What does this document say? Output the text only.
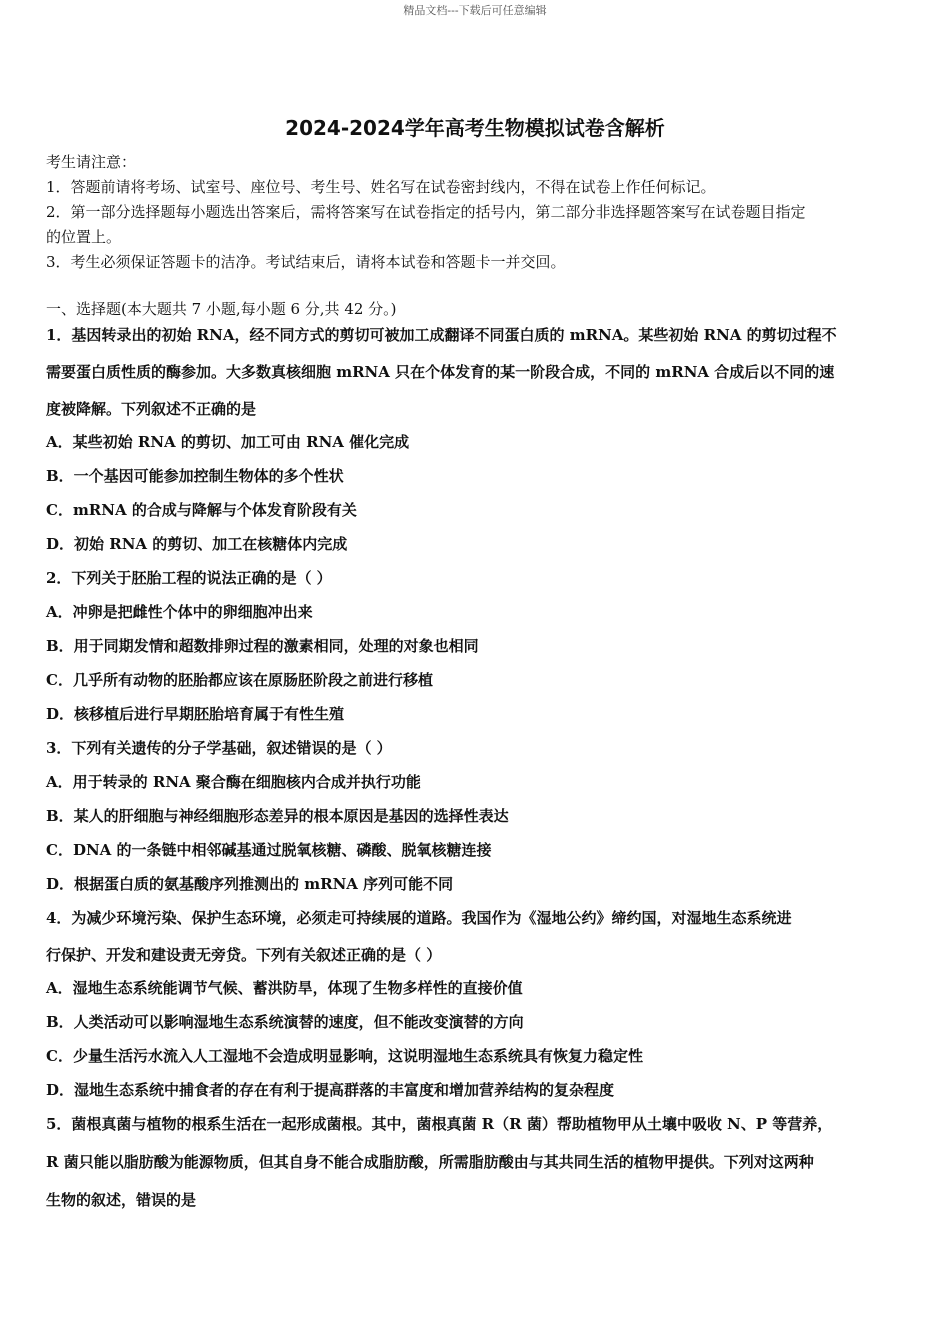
精品文档---下载后可任意编辑
2024-2024学年高考生物模拟试卷含解析
考生请注意：
1．答题前请将考场、试室号、座位号、考生号、姓名写在试卷密封线内，不得在试卷上作任何标记。
2．第一部分选择题每小题选出答案后，需将答案写在试卷指定的括号内，第二部分非选择题答案写在试卷题目指定
的位置上。
3．考生必须保证答题卡的洁净。考试结束后，请将本试卷和答题卡一并交回。
一、选择题(本大题共 7 小题,每小题 6 分,共 42 分。)
1．基因转录出的初始 RNA，经不同方式的剪切可被加工成翻译不同蛋白质的 mRNA。某些初始 RNA 的剪切过程不
需要蛋白质性质的酶参加。大多数真核细胞 mRNA 只在个体发育的某一阶段合成，不同的 mRNA 合成后以不同的速
度被降解。下列叙述不正确的是
A．某些初始 RNA 的剪切、加工可由 RNA 催化完成
B．一个基因可能参加控制生物体的多个性状
C．mRNA 的合成与降解与个体发育阶段有关
D．初始 RNA 的剪切、加工在核糖体内完成
2．下列关于胚胎工程的说法正确的是（ ）
A．冲卵是把雌性个体中的卵细胞冲出来
B．用于同期发情和超数排卵过程的激素相同，处理的对象也相同
C．几乎所有动物的胚胎都应该在原肠胚阶段之前进行移植
D．核移植后进行早期胚胎培育属于有性生殖
3．下列有关遗传的分子学基础，叙述错误的是（ ）
A．用于转录的 RNA 聚合酶在细胞核内合成并执行功能
B．某人的肝细胞与神经细胞形态差异的根本原因是基因的选择性表达
C．DNA 的一条链中相邻碱基通过脱氧核糖、磷酸、脱氧核糖连接
D．根据蛋白质的氨基酸序列推测出的 mRNA 序列可能不同
4．为减少环境污染、保护生态环境，必须走可持续展的道路。我国作为《湿地公约》缔约国，对湿地生态系统进
行保护、开发和建设责无旁贷。下列有关叙述正确的是（ ）
A．湿地生态系统能调节气候、蓄洪防旱，体现了生物多样性的直接价值
B．人类活动可以影响湿地生态系统演替的速度，但不能改变演替的方向
C．少量生活污水流入人工湿地不会造成明显影响，这说明湿地生态系统具有恢复力稳定性
D．湿地生态系统中捕食者的存在有利于提高群落的丰富度和增加营养结构的复杂程度
5．菌根真菌与植物的根系生活在一起形成菌根。其中，菌根真菌 R（R 菌）帮助植物甲从土壤中吸收 N、P 等营养，
R 菌只能以脂肪酸为能源物质，但其自身不能合成脂肪酸，所需脂肪酸由与其共同生活的植物甲提供。下列对这两种
生物的叙述，错误的是
